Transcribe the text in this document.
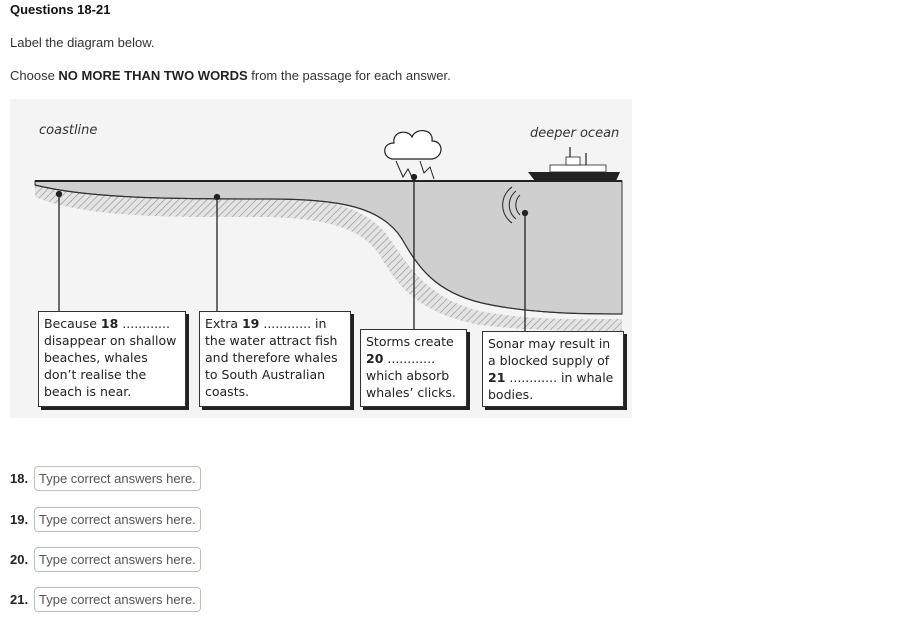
Questions 18-21
Label the diagram below.
Choose NO MORE THAN TWO WORDS from the passage for each answer.
coastline	deeper ocean
Because 18 ............ disappear on shallow beaches, whales don’t realise the beach is near.
Extra 19 ............ in the water attract fish and therefore whales to South Australian coasts.
Storms create 20 ............ which absorb whales’ clicks.
Sonar may result in a blocked supply of 21 ............ in whale bodies.
18.
Type correct answers here.
19.
Type correct answers here.
20.
Type correct answers here.
21.
Type correct answers here.
